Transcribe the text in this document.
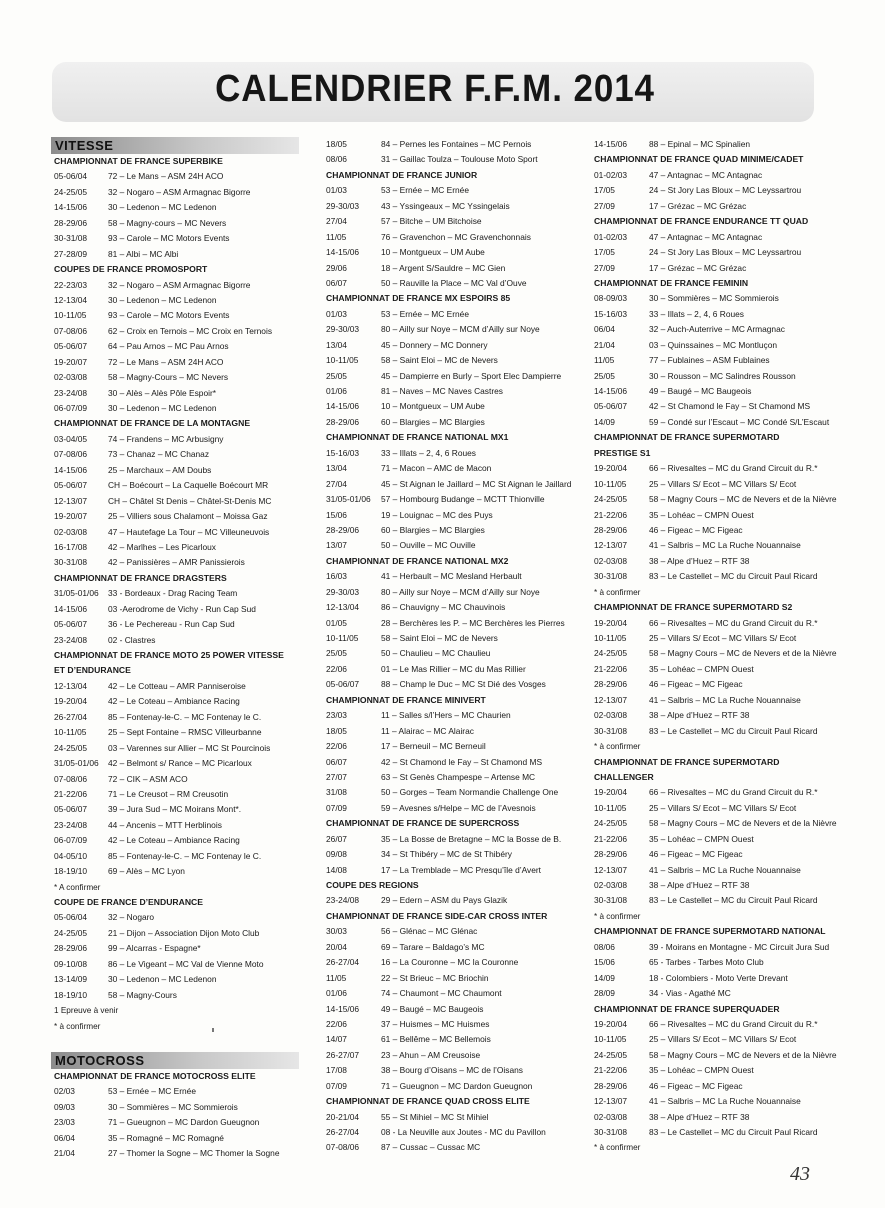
CALENDRIER F.F.M. 2014
VITESSE
CHAMPIONNAT DE FRANCE SUPERBIKE
05-06/04 72 – Le Mans – ASM 24H ACO
24-25/05 32 – Nogaro – ASM Armagnac Bigorre
14-15/06 30 – Ledenon – MC Ledenon
28-29/06 58 – Magny-cours – MC Nevers
30-31/08 93 – Carole – MC Motors Events
27-28/09 81 – Albi – MC Albi
COUPES DE FRANCE PROMOSPORT
22-23/03 32 – Nogaro – ASM Armagnac Bigorre
12-13/04 30 – Ledenon – MC Ledenon
10-11/05	93 – Carole – MC Motors Events
07-08/06 62 – Croix en Ternois – MC Croix en Ternois
05-06/07 64 – Pau Arnos – MC Pau Arnos
19-20/07 72 – Le Mans – ASM 24H ACO
02-03/08 58 – Magny-Cours – MC Nevers
23-24/08 30 – Alès – Alès Pôle Espoir*
06-07/09 30 – Ledenon – MC Ledenon
CHAMPIONNAT DE FRANCE DE LA MONTAGNE
03-04/05 74 – Frandens – MC Arbusigny
07-08/06 73 – Chanaz – MC Chanaz
14-15/06 25 – Marchaux – AM Doubs
05-06/07 CH – Boécourt – La Caquelle Boécourt MR
12-13/07 CH – Châtel St Denis – Châtel-St-Denis MC
19-20/07 25 – Villiers sous Chalamont – Moissa Gaz
02-03/08 47 – Hautefage La Tour – MC Villeuneuvois
16-17/08 42 – Marlhes – Les Picarloux
30-31/08 42 – Panissières – AMR Panissierois
CHAMPIONNAT DE FRANCE DRAGSTERS
31/05-01/06 33 - Bordeaux - Drag Racing Team
14-15/06 03 -Aerodrome de Vichy - Run Cap Sud
05-06/07 36 - Le Pechereau - Run Cap Sud
23-24/08 02 - Clastres
CHAMPIONNAT DE FRANCE MOTO 25 POWER VITESSE
ET D’ENDURANCE
12-13/04 42 – Le Cotteau – AMR Panniseroise
19-20/04 42 – Le Coteau – Ambiance Racing
26-27/04 85 – Fontenay-le-C. – MC Fontenay le C.
10-11/05	25 – Sept Fontaine – RMSC Villeurbanne
24-25/05 03 – Varennes sur Allier – MC St Pourcinois
31/05-01/06 42 – Belmont s/ Rance – MC Picarloux
07-08/06 72 – CIK – ASM ACO
21-22/06 71 – Le Creusot – RM Creusotin
05-06/07 39 – Jura Sud – MC Moirans Mont*.
23-24/08 44 – Ancenis – MTT Herblinois
06-07/09 42 – Le Coteau – Ambiance Racing
04-05/10 85 – Fontenay-le-C. – MC Fontenay le C.
18-19/10 69 – Alès – MC Lyon
* A confirmer
COUPE DE FRANCE D’ENDURANCE
05-06/04 32 – Nogaro
24-25/05 21 – Dijon – Association Dijon Moto Club
28-29/06 99 – Alcarras - Espagne*
09-10/08 86 – Le Vigeant – MC Val de Vienne Moto
13-14/09 30 – Ledenon – MC Ledenon
18-19/10 58 – Magny-Cours
1 Epreuve à venir
* à confirmer
MOTOCROSS
CHAMPIONNAT DE FRANCE MOTOCROSS ELITE
02/03	53 – Ernée – MC Ernée
09/03	30 – Sommières – MC Sommierois
23/03	71 – Gueugnon – MC Dardon Gueugnon
06/04	35 – Romagné – MC Romagné
21/04	27 – Thomer la Sogne – MC Thomer la Sogne
18/05	84 – Pernes les Fontaines – MC Pernois
08/06	31 – Gaillac Toulza – Toulouse Moto Sport
CHAMPIONNAT DE FRANCE JUNIOR
01/03	53 – Ernée – MC Ernée
29-30/03	43 – Yssingeaux – MC Yssingelais
27/04	57 – Bitche – UM Bitchoise
11/05	76 – Gravenchon – MC Gravenchonnais
14-15/06	10 – Montgueux – UM Aube
29/06	18 – Argent S/Sauldre – MC Gien
06/07	50 – Rauville la Place – MC Val d’Ouve
CHAMPIONNAT DE FRANCE MX ESPOIRS 85
01/03	53 – Ernée – MC Ernée
29-30/03	80 – Ailly sur Noye – MCM d’Ailly sur Noye
13/04	45 – Donnery – MC Donnery
10-11/05	58 – Saint Eloi – MC de Nevers
25/05	45 – Dampierre en Burly – Sport Elec Dampierre
01/06	81 – Naves – MC Naves Castres
14-15/06	10 – Montgueux – UM Aube
28-29/06	60 – Blargies – MC Blargies
CHAMPIONNAT DE FRANCE NATIONAL MX1
15-16/03	33 – Illats – 2, 4, 6 Roues
13/04	71 – Macon – AMC de Macon
27/04	45 – St Aignan le Jaillard – MC St Aignan le Jaillard
31/05-01/06 57 – Hombourg Budange – MCTT Thionville
15/06	19 – Louignac – MC des Puys
28-29/06	60 – Blargies – MC Blargies
13/07	50 – Ouville – MC Ouville
CHAMPIONNAT DE FRANCE NATIONAL MX2
16/03	41 – Herbault – MC Mesland Herbault
29-30/03	80 – Ailly sur Noye – MCM d’Ailly sur Noye
12-13/04	86 – Chauvigny – MC Chauvinois
01/05	28 – Berchères les P. – MC Berchères les Pierres
10-11/05	58 – Saint Eloi – MC de Nevers
25/05	50 – Chaulieu – MC Chaulieu
22/06	01 – Le Mas Rillier – MC du Mas Rillier
05-06/07	88 – Champ le Duc – MC St Dié des Vosges
CHAMPIONNAT DE FRANCE MINIVERT
23/03	11 – Salles s/l’Hers – MC Chaurien
18/05	11 – Alairac – MC Alairac
22/06	17 – Berneuil – MC Berneuil
06/07	42 – St Chamond le Fay – St Chamond MS
27/07	63 – St Genès Champespe – Artense MC
31/08	50 – Gorges – Team Normandie Challenge One
07/09	59 – Avesnes s/Helpe – MC de l’Avesnois
CHAMPIONNAT DE FRANCE DE SUPERCROSS
26/07	35 – La Bosse de Bretagne – MC la Bosse de B.
09/08	34 – St Thibéry – MC de St Thibéry
14/08	17 – La Tremblade – MC Presqu’île d’Avert
COUPE DES REGIONS
23-24/08	29 – Edern – ASM du Pays Glazik
CHAMPIONNAT DE FRANCE SIDE-CAR CROSS INTER
30/03	56 – Glénac – MC Glénac
20/04	69 – Tarare – Baldago’s MC
26-27/04	16 – La Couronne – MC la Couronne
11/05	22 – St Brieuc – MC Briochin
01/06	74 – Chaumont – MC Chaumont
14-15/06	49 – Baugé – MC Baugeois
22/06	37 – Huismes – MC Huismes
14/07	61 – Bellême – MC Bellemois
26-27/07	23 – Ahun – AM Creusoise
17/08	38 – Bourg d’Oisans – MC de l’Oisans
07/09	71 – Gueugnon – MC Dardon Gueugnon
CHAMPIONNAT DE FRANCE QUAD CROSS ELITE
20-21/04	55 – St Mihiel – MC St Mihiel
26-27/04	08 - La Neuville aux Joutes - MC du Pavillon
07-08/06	87 – Cussac – Cussac MC
14-15/06	88 – Epinal – MC Spinalien
CHAMPIONNAT DE FRANCE QUAD MINIME/CADET
01-02/03	47 – Antagnac – MC Antagnac
17/05	24 – St Jory Las Bloux – MC Leyssartrou
27/09	17 – Grézac – MC Grézac
CHAMPIONNAT DE FRANCE ENDURANCE TT QUAD
01-02/03	47 – Antagnac – MC Antagnac
17/05	24 – St Jory Las Bloux – MC Leyssartrou
27/09	17 – Grézac – MC Grézac
CHAMPIONNAT DE FRANCE FEMININ
08-09/03	30 – Sommières – MC Sommierois
15-16/03	33 – Illats – 2, 4, 6 Roues
06/04	32 – Auch-Auterrive – MC Armagnac
21/04	03 – Quinssaines – MC Montluçon
11/05	77 – Fublaines – ASM Fublaines
25/05	30 – Rousson – MC Salindres Rousson
14-15/06	49 – Baugé – MC Baugeois
05-06/07	42 – St Chamond le Fay – St Chamond MS
14/09	59 – Condé sur l’Escaut – MC Condé S/L’Escaut
CHAMPIONNAT DE FRANCE SUPERMOTARD
PRESTIGE S1
19-20/04	66 – Rivesaltes – MC du Grand Circuit du R.*
10-11/05	25 – Villars S/ Ecot – MC Villars S/ Ecot
24-25/05	58 – Magny Cours – MC de Nevers et de la Nièvre
21-22/06	35 – Lohéac – CMPN Ouest
28-29/06	46 – Figeac – MC Figeac
12-13/07	41 – Salbris – MC La Ruche Nouannaise
02-03/08	38 – Alpe d’Huez – RTF 38
30-31/08	83 – Le Castellet – MC du Circuit Paul Ricard
* à confirmer
CHAMPIONNAT DE FRANCE SUPERMOTARD S2
19-20/04	66 – Rivesaltes – MC du Grand Circuit du R.*
10-11/05	25 – Villars S/ Ecot – MC Villars S/ Ecot
24-25/05	58 – Magny Cours – MC de Nevers et de la Nièvre
21-22/06	35 – Lohéac – CMPN Ouest
28-29/06	46 – Figeac – MC Figeac
12-13/07	41 – Salbris – MC La Ruche Nouannaise
02-03/08	38 – Alpe d’Huez – RTF 38
30-31/08	83 – Le Castellet – MC du Circuit Paul Ricard
* à confirmer
CHAMPIONNAT DE FRANCE SUPERMOTARD
CHALLENGER
19-20/04	66 – Rivesaltes – MC du Grand Circuit du R.*
10-11/05	25 – Villars S/ Ecot – MC Villars S/ Ecot
24-25/05	58 – Magny Cours – MC de Nevers et de la Nièvre
21-22/06	35 – Lohéac – CMPN Ouest
28-29/06	46 – Figeac – MC Figeac
12-13/07	41 – Salbris – MC La Ruche Nouannaise
02-03/08	38 – Alpe d’Huez – RTF 38
30-31/08	83 – Le Castellet – MC du Circuit Paul Ricard
* à confirmer
CHAMPIONNAT DE FRANCE SUPERMOTARD NATIONAL
08/06	39 - Moirans en Montagne - MC Circuit Jura Sud
15/06	65 - Tarbes - Tarbes Moto Club
14/09	18 - Colombiers - Moto Verte Drevant
28/09	34 - Vias - Agathé MC
CHAMPIONNAT DE FRANCE SUPERQUADER
19-20/04	66 – Rivesaltes – MC du Grand Circuit du R.*
10-11/05	25 – Villars S/ Ecot – MC Villars S/ Ecot
24-25/05	58 – Magny Cours – MC de Nevers et de la Nièvre
21-22/06	35 – Lohéac – CMPN Ouest
28-29/06	46 – Figeac – MC Figeac
12-13/07	41 – Salbris – MC La Ruche Nouannaise
02-03/08	38 – Alpe d’Huez – RTF 38
30-31/08	83 – Le Castellet – MC du Circuit Paul Ricard
* à confirmer
43
